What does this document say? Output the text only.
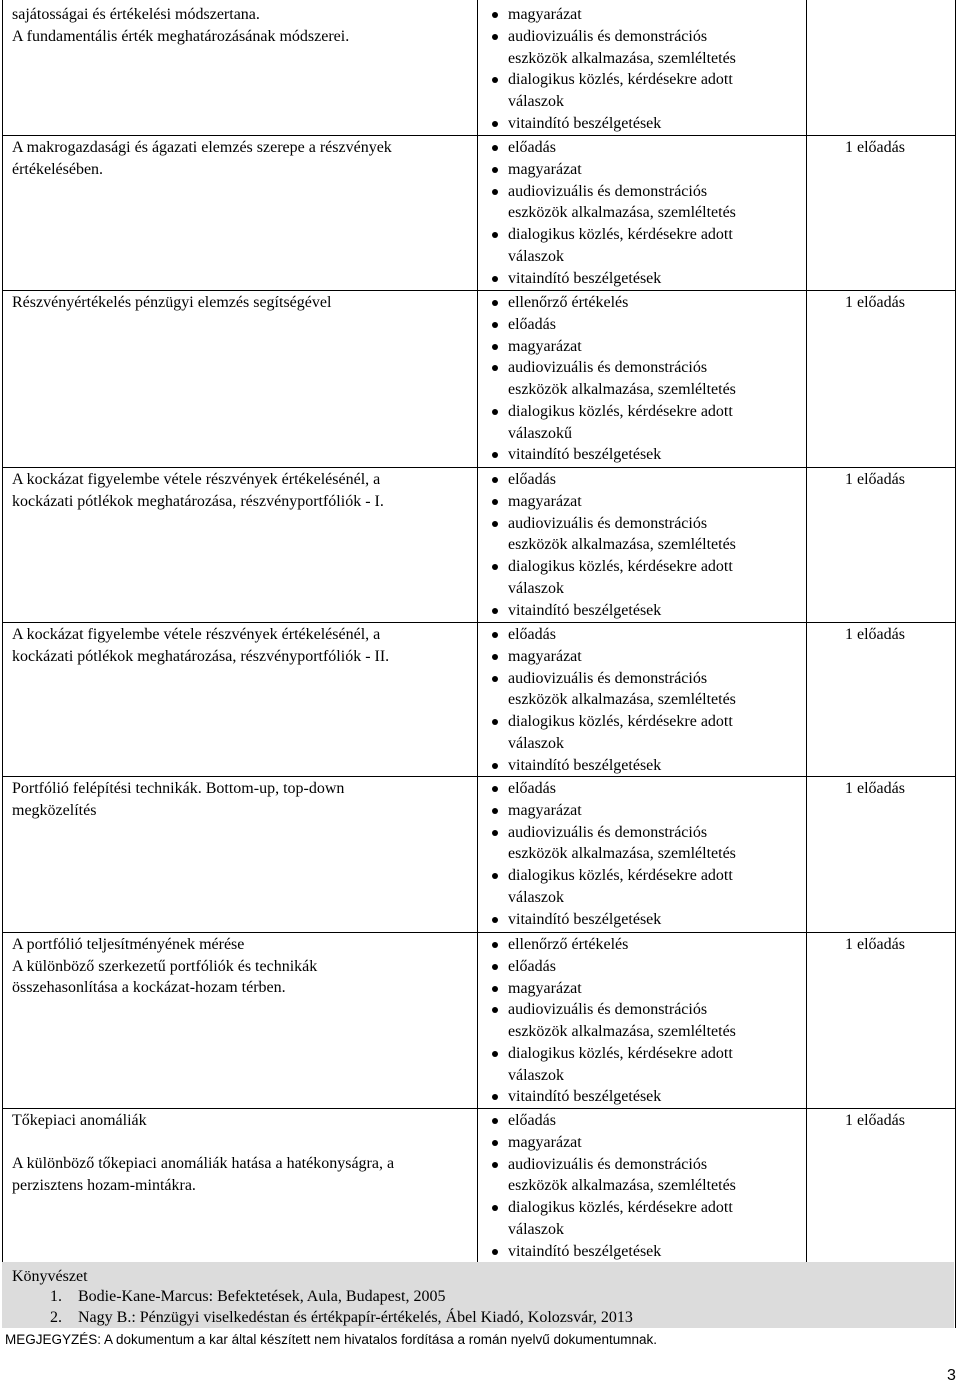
sajátosságai és értékelési módszertana.
A fundamentális érték meghatározásának módszerei.
magyarázat
audiovizuális és demonstrációs
eszközök alkalmazása, szemléltetés
dialogikus közlés, kérdésekre adott
válaszok
vitaindító beszélgetések
A makrogazdasági és ágazati elemzés szerepe a részvények
értékelésében.
előadás
magyarázat
audiovizuális és demonstrációs
eszközök alkalmazása, szemléltetés
dialogikus közlés, kérdésekre adott
válaszok
vitaindító beszélgetések
1 előadás
Részvényértékelés pénzügyi elemzés segítségével	ellenőrző értékelés
előadás
magyarázat
audiovizuális és demonstrációs
eszközök alkalmazása, szemléltetés
dialogikus közlés, kérdésekre adott
válaszokű
vitaindító beszélgetések
1 előadás
A kockázat figyelembe vétele részvények értékelésénél, a
kockázati pótlékok meghatározása, részvényportfóliók - I.
előadás
magyarázat
audiovizuális és demonstrációs
eszközök alkalmazása, szemléltetés
dialogikus közlés, kérdésekre adott
válaszok
vitaindító beszélgetések
1 előadás
A kockázat figyelembe vétele részvények értékelésénél, a
kockázati pótlékok meghatározása, részvényportfóliók - II.
előadás
magyarázat
audiovizuális és demonstrációs
eszközök alkalmazása, szemléltetés
dialogikus közlés, kérdésekre adott
válaszok
vitaindító beszélgetések
1 előadás
Portfólió felépítési technikák. Bottom-up, top-down
megközelítés
előadás
magyarázat
audiovizuális és demonstrációs
eszközök alkalmazása, szemléltetés
dialogikus közlés, kérdésekre adott
válaszok
vitaindító beszélgetések
1 előadás
A portfólió teljesítményének mérése
A különböző szerkezetű portfóliók és technikák
összehasonlítása a kockázat-hozam térben.
ellenőrző értékelés
előadás
magyarázat
audiovizuális és demonstrációs
eszközök alkalmazása, szemléltetés
dialogikus közlés, kérdésekre adott
válaszok
vitaindító beszélgetések
1 előadás
Tőkepiaci anomáliák
A különböző tőkepiaci anomáliák hatása a hatékonyságra, a
perzisztens hozam-mintákra.
előadás
magyarázat
audiovizuális és demonstrációs
eszközök alkalmazása, szemléltetés
dialogikus közlés, kérdésekre adott
válaszok
vitaindító beszélgetések
1 előadás
Könyvészet
1. Bodie-Kane-Marcus: Befektetések, Aula, Budapest, 2005
2. Nagy B.: Pénzügyi viselkedéstan és értékpapír-értékelés, Ábel Kiadó, Kolozsvár, 2013
MEGJEGYZÉS: A dokumentum a kar által készített nem hivatalos fordítása a román nyelvű dokumentumnak.
3
